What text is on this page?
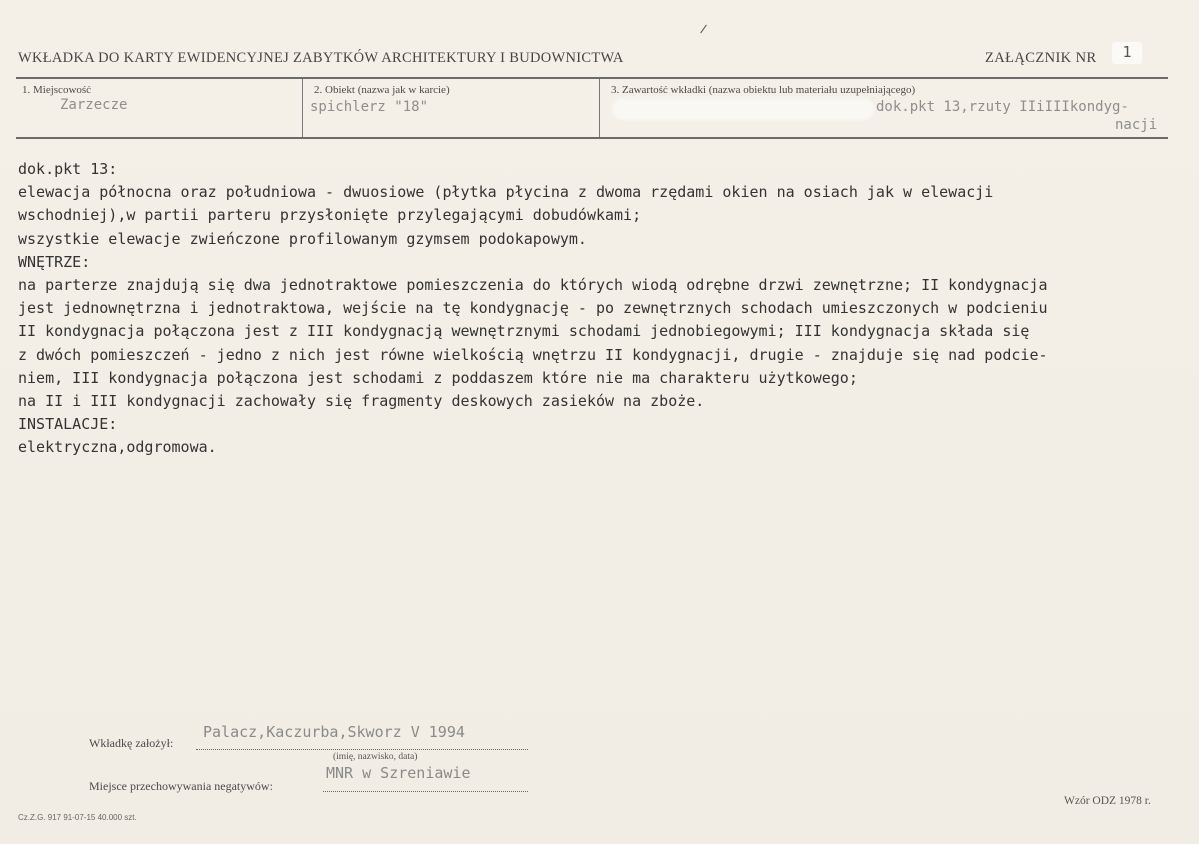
WKŁADKA DO KARTY EWIDENCYJNEJ ZABYTKÓW ARCHITEKTURY I BUDOWNICTWA	ZAŁĄCZNIK NR	1
1. Miejscowość
Zarzecze
2. Obiekt (nazwa jak w karcie)
spichlerz "18"
3. Zawartość wkładki (nazwa obiektu lub materiału uzupełniającego)
dok.pkt 13,rzuty IIiIIIkondyg-
nacji
dok.pkt 13:
elewacja północna oraz południowa - dwuosiowe (płytka płycina z dwoma rzędami okien na osiach jak w elewacji
wschodniej),w partii parteru przysłonięte przylegającymi dobudówkami;
wszystkie elewacje zwieńczone profilowanym gzymsem podokapowym.
WNĘTRZE:
na parterze znajdują się dwa jednotraktowe pomieszczenia do których wiodą odrębne drzwi zewnętrzne; II kondygnacja
jest jednownętrzna i jednotraktowa, wejście na tę kondygnację - po zewnętrznych schodach umieszczonych w podcieniu
II kondygnacja połączona jest z III kondygnacją wewnętrznymi schodami jednobiegowymi; III kondygnacja składa się
z dwóch pomieszczeń - jedno z nich jest równe wielkością wnętrzu II kondygnacji, drugie - znajduje się nad podcie-
niem, III kondygnacja połączona jest schodami z poddaszem które nie ma charakteru użytkowego;
na II i III kondygnacji zachowały się fragmenty deskowych zasieków na zboże.
INSTALACJE:
elektryczna,odgromowa.
Wkładkę założył:
Palacz,Kaczurba,Skworz V 1994
(imię, nazwisko, data)
Miejsce przechowywania negatywów:
MNR w Szreniawie
Cz.Z.G. 917 91-07-15 40.000 szt.
Wzór ODZ 1978 r.
